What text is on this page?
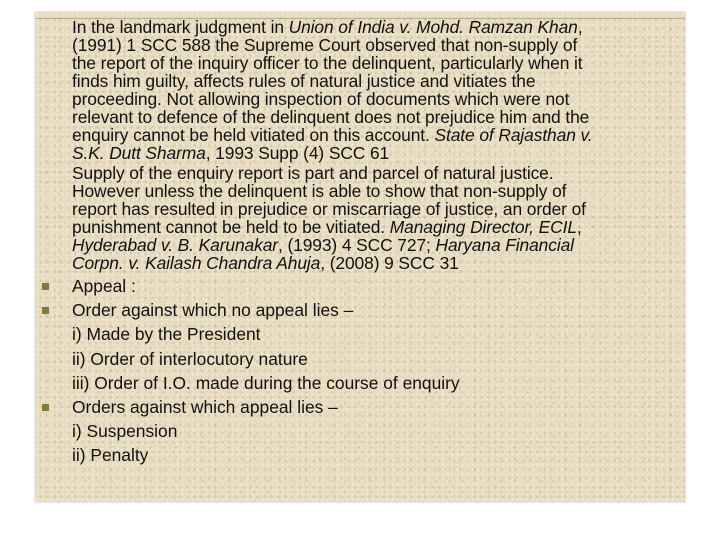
In the landmark judgment in Union of India v. Mohd. Ramzan Khan,
(1991) 1 SCC 588 the Supreme Court observed that non-supply of
the report of the inquiry officer to the delinquent, particularly when it
finds him guilty, affects rules of natural justice and vitiates the
proceeding. Not allowing inspection of documents which were not
relevant to defence of the delinquent does not prejudice him and the
enquiry cannot be held vitiated on this account. State of Rajasthan v.
S.K. Dutt Sharma, 1993 Supp (4) SCC 61

Supply of the enquiry report is part and parcel of natural justice.
However unless the delinquent is able to show that non-supply of
report has resulted in prejudice or miscarriage of justice, an order of
punishment cannot be held to be vitiated. Managing Director, ECIL,
Hyderabad v. B. Karunakar, (1993) 4 SCC 727; Haryana Financial
Corpn. v. Kailash Chandra Ahuja, (2008) 9 SCC 31

Appeal :
Order against which no appeal lies –
i) Made by the President
ii) Order of interlocutory nature
iii) Order of I.O. made during the course of enquiry
Orders against which appeal lies –
i) Suspension
ii) Penalty
